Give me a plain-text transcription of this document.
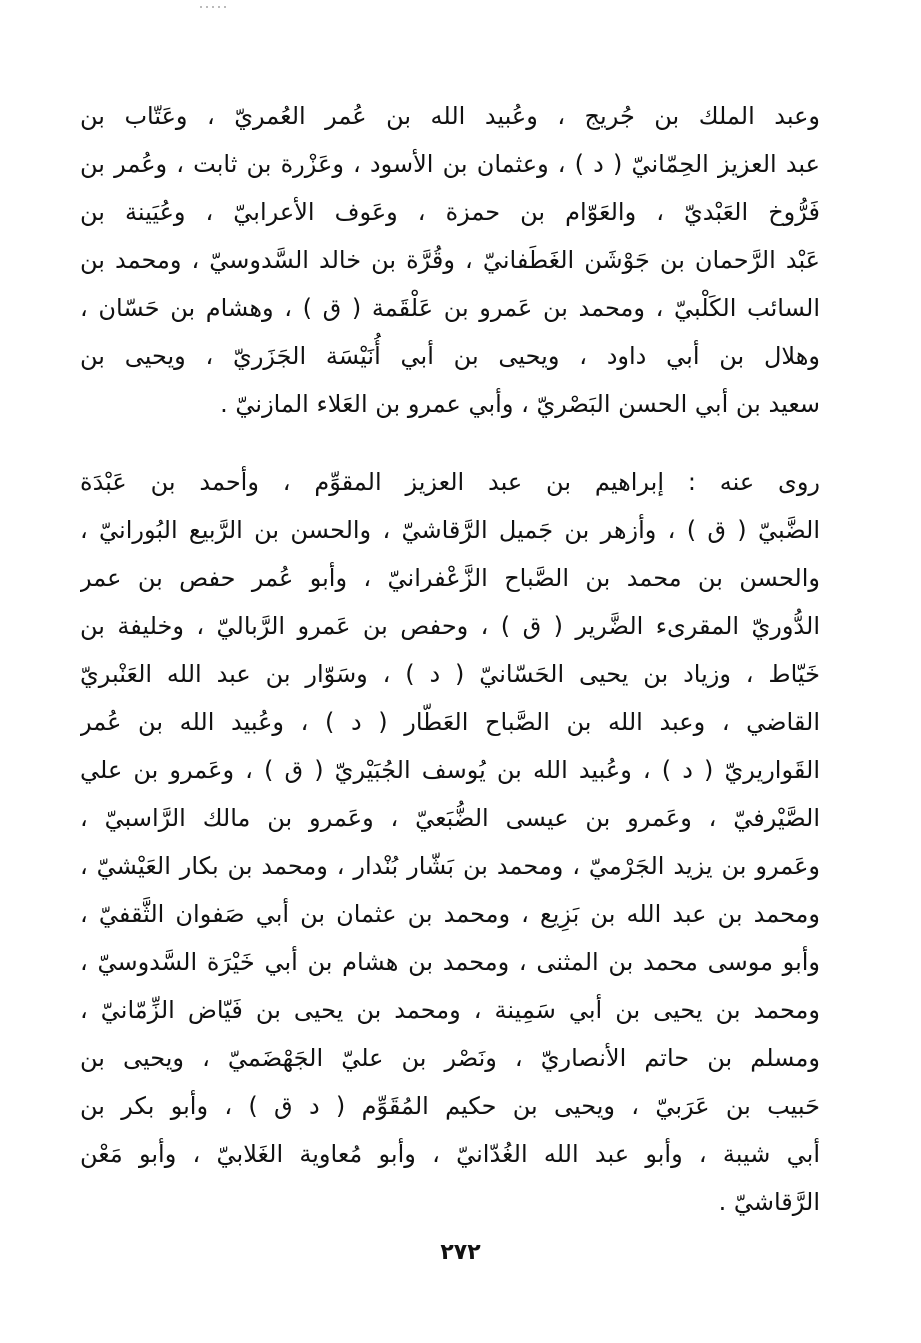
وعبد الملك بن جُريج ، وعُبيد الله بن عُمر العُمريّ ، وعَتّاب بن
عبد العزيز الحِمّانيّ ( د ) ، وعثمان بن الأسود ، وعَزْرة بن ثابت ، وعُمر بن
فَرُّوخ العَبْديّ ، والعَوّام بن حمزة ، وعَوف الأعرابيّ ، وعُيَينة بن
عَبْد الرَّحمان بن جَوْشَن الغَطَفانيّ ، وقُرَّة بن خالد السَّدوسيّ ، ومحمد بن
السائب الكَلْبيّ ، ومحمد بن عَمرو بن عَلْقَمة ( ق ) ، وهشام بن حَسّان ،
وهلال بن أبي داود ، ويحيى بن أبي أُنَيْسَة الجَزَريّ ، ويحيى بن
سعيد بن أبي الحسن البَصْريّ ، وأبي عمرو بن العَلاء المازنيّ .
روى عنه : إبراهيم بن عبد العزيز المقوِّم ، وأحمد بن عَبْدَة
الضَّبيّ ( ق ) ، وأزهر بن جَميل الرَّقاشيّ ، والحسن بن الرَّبيع البُورانيّ ،
والحسن بن محمد بن الصَّباح الزَّعْفرانيّ ، وأبو عُمر حفص بن عمر
الدُّوريّ المقرىء الضَّرير ( ق ) ، وحفص بن عَمرو الرَّباليّ ، وخليفة بن
خَيّاط ، وزياد بن يحيى الحَسّانيّ ( د ) ، وسَوّار بن عبد الله العَنْبريّ
القاضي ، وعبد الله بن الصَّباح العَطّار ( د ) ، وعُبيد الله بن عُمر
القَواريريّ ( د ) ، وعُبيد الله بن يُوسف الجُبَيْريّ ( ق ) ، وعَمرو بن علي
الصَّيْرفيّ ، وعَمرو بن عيسى الضُّبَعيّ ، وعَمرو بن مالك الرَّاسبيّ ،
وعَمرو بن يزيد الجَرْميّ ، ومحمد بن بَشّار بُنْدار ، ومحمد بن بكار العَيْشيّ ،
ومحمد بن عبد الله بن بَزِيع ، ومحمد بن عثمان بن أبي صَفوان الثَّقفيّ ،
وأبو موسى محمد بن المثنى ، ومحمد بن هشام بن أبي خَيْرَة السَّدوسيّ ،
ومحمد بن يحيى بن أبي سَمِينة ، ومحمد بن يحيى بن فَيّاض الزِّمّانيّ ،
ومسلم بن حاتم الأنصاريّ ، ونَصْر بن عليّ الجَهْضَميّ ، ويحيى بن
حَبيب بن عَرَبيّ ، ويحيى بن حكيم المُقَوِّم ( د ق ) ، وأبو بكر بن
أبي شيبة ، وأبو عبد الله الغُدّانيّ ، وأبو مُعاوية الغَلابيّ ، وأبو مَعْن
الرَّقاشيّ .
٢٧٢
